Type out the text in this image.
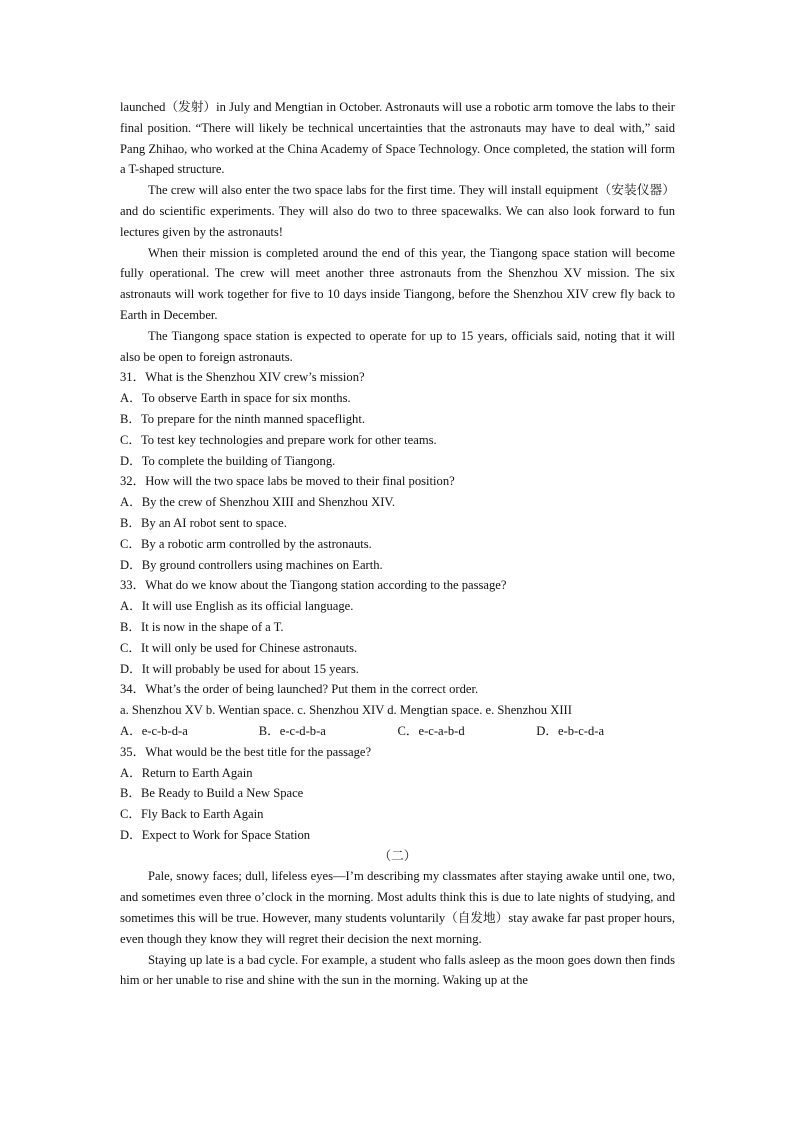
launched（发射）in July and Mengtian in October. Astronauts will use a robotic arm tomove the labs to their final position. “There will likely be technical uncertainties that the astronauts may have to deal with,” said Pang Zhihao, who worked at the China Academy of Space Technology. Once completed, the station will form a T-shaped structure.

The crew will also enter the two space labs for the first time. They will install equipment（安装仪器） and do scientific experiments. They will also do two to three spacewalks. We can also look forward to fun lectures given by the astronauts!

When their mission is completed around the end of this year, the Tiangong space station will become fully operational. The crew will meet another three astronauts from the Shenzhou XV mission. The six astronauts will work together for five to 10 days inside Tiangong, before the Shenzhou XIV crew fly back to Earth in December.

The Tiangong space station is expected to operate for up to 15 years, officials said, noting that it will also be open to foreign astronauts.

31．What is the Shenzhou XIV crew’s mission?

A．To observe Earth in space for six months.

B．To prepare for the ninth manned spaceflight.

C．To test key technologies and prepare work for other teams.

D．To complete the building of Tiangong.

32．How will the two space labs be moved to their final position?

A．By the crew of Shenzhou XIII and Shenzhou XIV.

B．By an AI robot sent to space.

C．By a robotic arm controlled by the astronauts.

D．By ground controllers using machines on Earth.

33．What do we know about the Tiangong station according to the passage?

A．It will use English as its official language.

B．It is now in the shape of a T.

C．It will only be used for Chinese astronauts.

D．It will probably be used for about 15 years.

34．What’s the order of being launched? Put them in the correct order.

a. Shenzhou XV b. Wentian space. c. Shenzhou XIV d. Mengtian space. e. Shenzhou XIII

A．e-c-b-d-a	B．e-c-d-b-a	C．e-c-a-b-d	D．e-b-c-d-a

35．What would be the best title for the passage?

A．Return to Earth Again

B．Be Ready to Build a New Space

C．Fly Back to Earth Again

D．Expect to Work for Space Station

（二）

Pale, snowy faces; dull, lifeless eyes—I’m describing my classmates after staying awake until one, two, and sometimes even three o’clock in the morning. Most adults think this is due to late nights of studying, and sometimes this will be true. However, many students voluntarily（自发地）stay awake far past proper hours, even though they know they will regret their decision the next morning.

Staying up late is a bad cycle. For example, a student who falls asleep as the moon goes down then finds him or her unable to rise and shine with the sun in the morning. Waking up at the
